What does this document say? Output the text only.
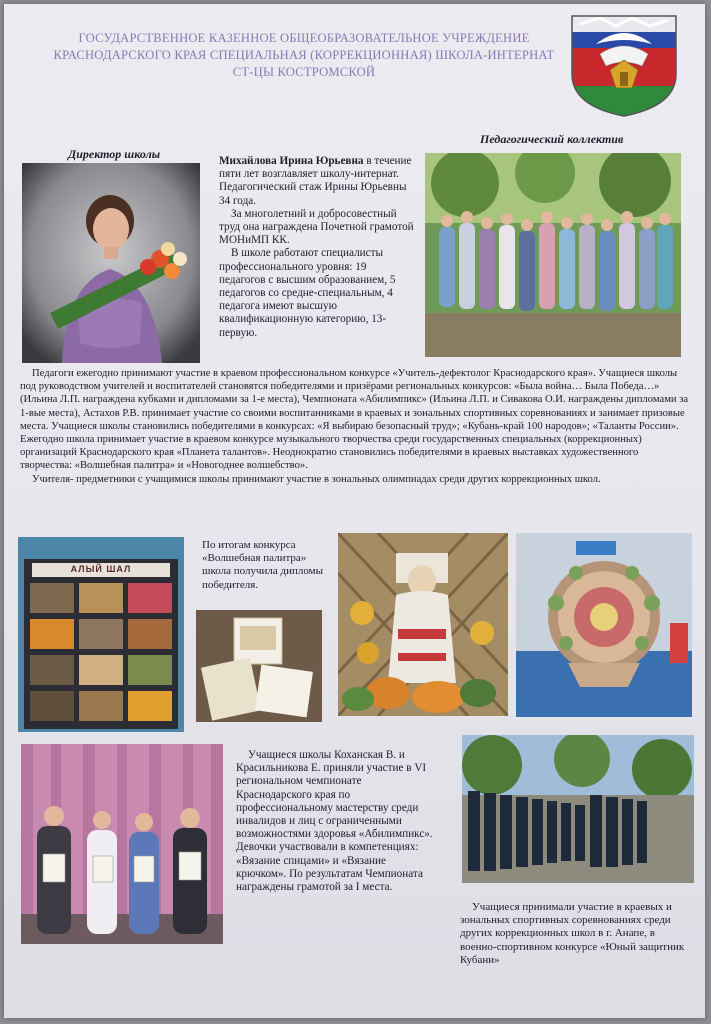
ГОСУДАРСТВЕННОЕ КАЗЕННОЕ ОБЩЕОБРАЗОВАТЕЛЬНОЕ УЧРЕЖДЕНИЕ
КРАСНОДАРСКОГО КРАЯ СПЕЦИАЛЬНАЯ (КОРРЕКЦИОННАЯ) ШКОЛА-ИНТЕРНАТ
СТ-ЦЫ КОСТРОМСКОЙ
Директор школы	Михайлова Ирина Юрьевна в течение пяти лет возглавляет школу-интернат. Педагогический стаж Ирины Юрьевны 34 года.

За многолетний и добросовестный труд она награждена Почетной грамотой МОНиМП КК.

В школе работают специалисты профессионального уровня: 19 педагогов с высшим образованием, 5 педагогов со средне-специальным, 4 педагога имеют высшую квалификационную категорию, 13-первую.

Педагогический коллектив

Педагоги ежегодно принимают участие в краевом профессиональном конкурсе «Учитель-дефектолог Краснодарского края». Учащиеся школы под руководством учителей и воспитателей становятся победителями и призёрами региональных конкурсов: «Была война… Была Победа…» (Ильина Л.П. награждена кубками и дипломами за 1-е места), Чемпионата «Абилимпикс» (Ильина Л.П. и Сивакова О.И. награждены дипломами за 1-вые места), Астахов Р.В. принимает участие со своими воспитанниками в краевых и зональных спортивных соревнованиях и занимает призовые места. Учащиеся школы становились победителями в конкурсах: «Я выбираю безопасный труд»; «Кубань-край 100 народов»; «Таланты России». Ежегодно школа принимает участие в краевом конкурсе музыкального творчества среди государственных специальных (коррекционных) организаций Краснодарского края «Планета талантов». Неоднократно становились победителями в краевых выставках художественного творчества: «Волшебная палитра» и «Новогоднее волшебство».

Учителя- предметники с учащимися школы принимают участие в зональных олимпиадах среди других коррекционных школ.

АЛЫЙ ШАЛ
По итогам конкурса «Волшебная палитра» школа получила дипломы победителя.

Учащиеся школы Коханская В. и Красильникова Е. приняли участие в VI региональном чемпионате Краснодарского края по профессиональному мастерству среди инвалидов и лиц с ограниченными возможностями здоровья «Абилимпикс». Девочки участвовали в компетенциях: «Вязание спицами» и «Вязание крючком». По результатам Чемпионата награждены грамотой за I места.

Учащиеся принимали участие в краевых и зональных спортивных соревнованиях среди других коррекционных школ в г. Анапе, в военно-спортивном конкурсе «Юный защитник Кубани»
